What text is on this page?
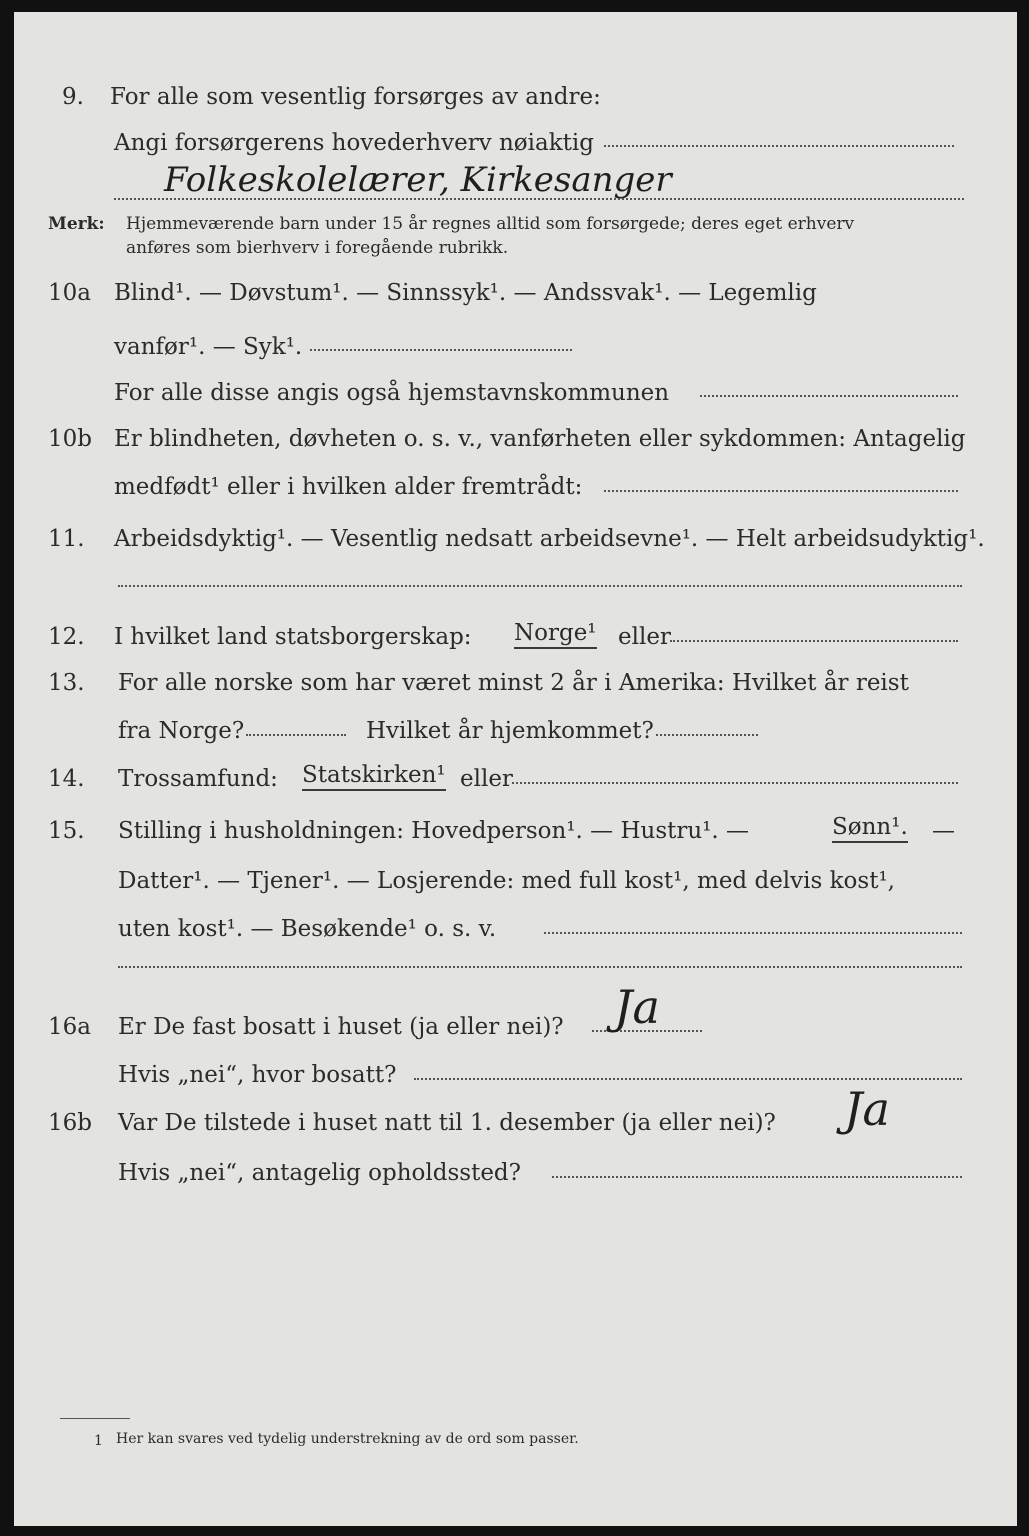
9. For alle som vesentlig forsørges av andre:
Angi forsørgerens hovederhverv nøiaktig
Folkeskolelærer, Kirkesanger
Merk: Hjemmeværende barn under 15 år regnes alltid som forsørgede; deres eget erhverv
anføres som bierhverv i foregående rubrikk.
10a Blind¹. — Døvstum¹. — Sinnssyk¹. — Andssvak¹. — Legemlig
vanfør¹. — Syk¹.
For alle disse angis også hjemstavnskommunen
10b Er blindheten, døvheten o. s. v., vanførheten eller sykdommen: Antagelig
medfødt¹ eller i hvilken alder fremtrådt:
11. Arbeidsdyktig¹. — Vesentlig nedsatt arbeidsevne¹. — Helt arbeidsudyktig¹.
12. I hvilket land statsborgerskap: Norge¹ eller
13. For alle norske som har været minst 2 år i Amerika: Hvilket år reist
fra Norge?	Hvilket år hjemkommet?
14. Trossamfund: Statskirken¹ eller
15. Stilling i husholdningen: Hovedperson¹. — Hustru¹. —	Sønn¹. —
Datter¹. — Tjener¹. — Losjerende: med full kost¹, med delvis kost¹,
uten kost¹. — Besøkende¹ o. s. v.
16a Er De fast bosatt i huset (ja eller nei)? Ja
Hvis „nei“, hvor bosatt?
16b Var De tilstede i huset natt til 1. desember (ja eller nei)? Ja
Hvis „nei“, antagelig opholdssted?
1 Her kan svares ved tydelig understrekning av de ord som passer.
